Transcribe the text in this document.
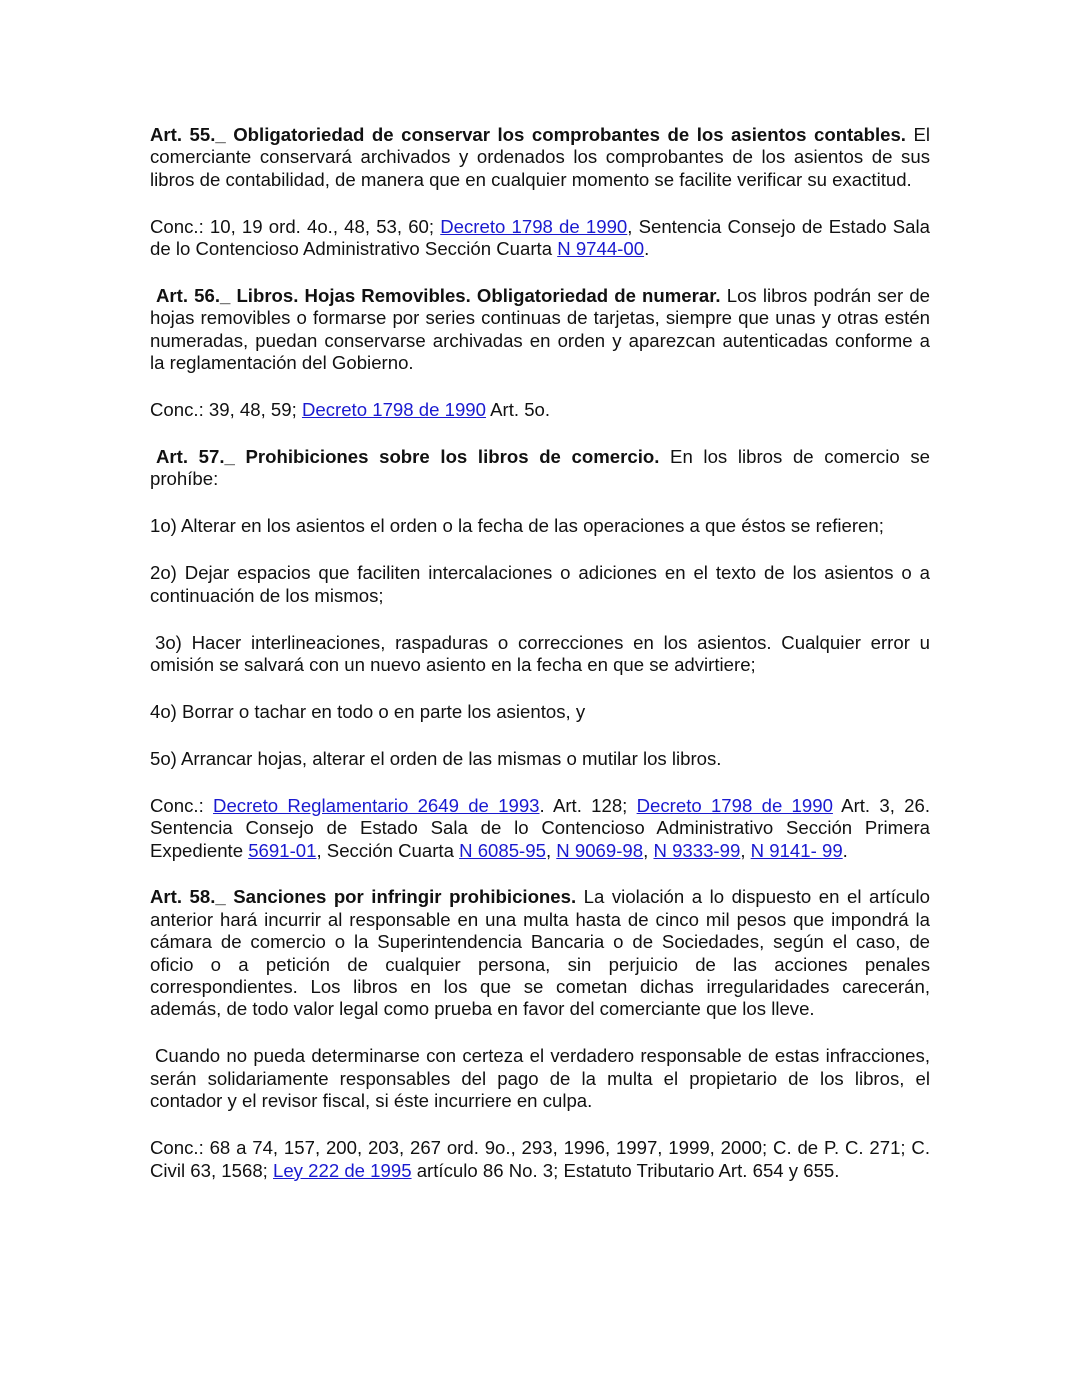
Art. 55._ Obligatoriedad de conservar los comprobantes de los asientos contables. El comerciante conservará archivados y ordenados los comprobantes de los asientos de sus libros de contabilidad, de manera que en cualquier momento se facilite verificar su exactitud.

Conc.: 10, 19 ord. 4o., 48, 53, 60; Decreto 1798 de 1990, Sentencia Consejo de Estado Sala de lo Contencioso Administrativo Sección Cuarta N 9744-00.

Art. 56._ Libros. Hojas Removibles. Obligatoriedad de numerar. Los libros podrán ser de hojas removibles o formarse por series continuas de tarjetas, siempre que unas y otras estén numeradas, puedan conservarse archivadas en orden y aparezcan autenticadas conforme a la reglamentación del Gobierno.

Conc.: 39, 48, 59; Decreto 1798 de 1990 Art. 5o.

Art. 57._ Prohibiciones sobre los libros de comercio. En los libros de comercio se prohíbe:

1o) Alterar en los asientos el orden o la fecha de las operaciones a que éstos se refieren;

2o) Dejar espacios que faciliten intercalaciones o adiciones en el texto de los asientos o a continuación de los mismos;

3o) Hacer interlineaciones, raspaduras o correcciones en los asientos. Cualquier error u omisión se salvará con un nuevo asiento en la fecha en que se advirtiere;

4o) Borrar o tachar en todo o en parte los asientos, y

5o) Arrancar hojas, alterar el orden de las mismas o mutilar los libros.

Conc.: Decreto Reglamentario 2649 de 1993. Art. 128; Decreto 1798 de 1990 Art. 3, 26. Sentencia Consejo de Estado Sala de lo Contencioso Administrativo Sección Primera Expediente 5691-01, Sección Cuarta N 6085-95, N 9069-98, N 9333-99, N 9141- 99.

Art. 58._ Sanciones por infringir prohibiciones. La violación a lo dispuesto en el artículo anterior hará incurrir al responsable en una multa hasta de cinco mil pesos que impondrá la cámara de comercio o la Superintendencia Bancaria o de Sociedades, según el caso, de oficio o a petición de cualquier persona, sin perjuicio de las acciones penales correspondientes. Los libros en los que se cometan dichas irregularidades carecerán, además, de todo valor legal como prueba en favor del comerciante que los lleve.

Cuando no pueda determinarse con certeza el verdadero responsable de estas infracciones, serán solidariamente responsables del pago de la multa el propietario de los libros, el contador y el revisor fiscal, si éste incurriere en culpa.

Conc.: 68 a 74, 157, 200, 203, 267 ord. 9o., 293, 1996, 1997, 1999, 2000; C. de P. C. 271; C. Civil 63, 1568; Ley 222 de 1995 artículo 86 No. 3; Estatuto Tributario Art. 654 y 655.
